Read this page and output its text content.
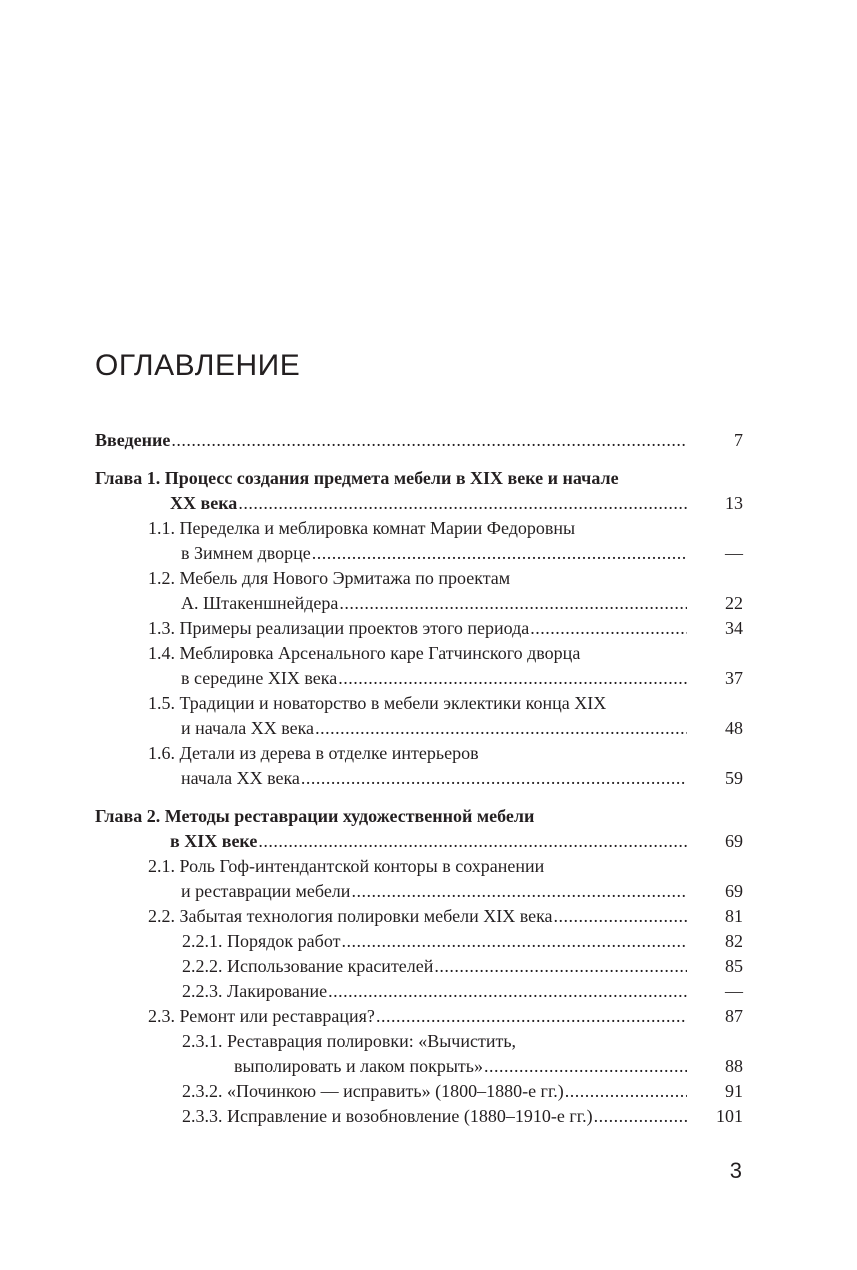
ОГЛАВЛЕНИЕ
Введение .....	7
Глава 1. Процесс создания предмета мебели в XIX веке и начале
XX века .....	13
1.1. Переделка и меблировка комнат Марии Федоровны
в Зимнем дворце .....	—
1.2. Мебель для Нового Эрмитажа по проектам
А. Штакеншнейдера .....	22
1.3. Примеры реализации проектов этого периода .....	34
1.4. Меблировка Арсенального каре Гатчинского дворца
в середине XIX века .....	37
1.5. Традиции и новаторство в мебели эклектики конца XIX
и начала XX века .....	48
1.6. Детали из дерева в отделке интерьеров
начала XX века .....	59
Глава 2. Методы реставрации художественной мебели
в XIX веке .....	69
2.1. Роль Гоф-интендантской конторы в сохранении
и реставрации мебели .....	69
2.2. Забытая технология полировки мебели XIX века .....	81
2.2.1. Порядок работ .....	82
2.2.2. Использование красителей .....	85
2.2.3. Лакирование .....	—
2.3. Ремонт или реставрация? .....	87
2.3.1. Реставрация полировки: «Вычистить,
выполировать и лаком покрыть» .....	88
2.3.2. «Починкою — исправить» (1800–1880-е гг.) .....	91
2.3.3. Исправление и возобновление (1880–1910-е гг.) .....	101
3
